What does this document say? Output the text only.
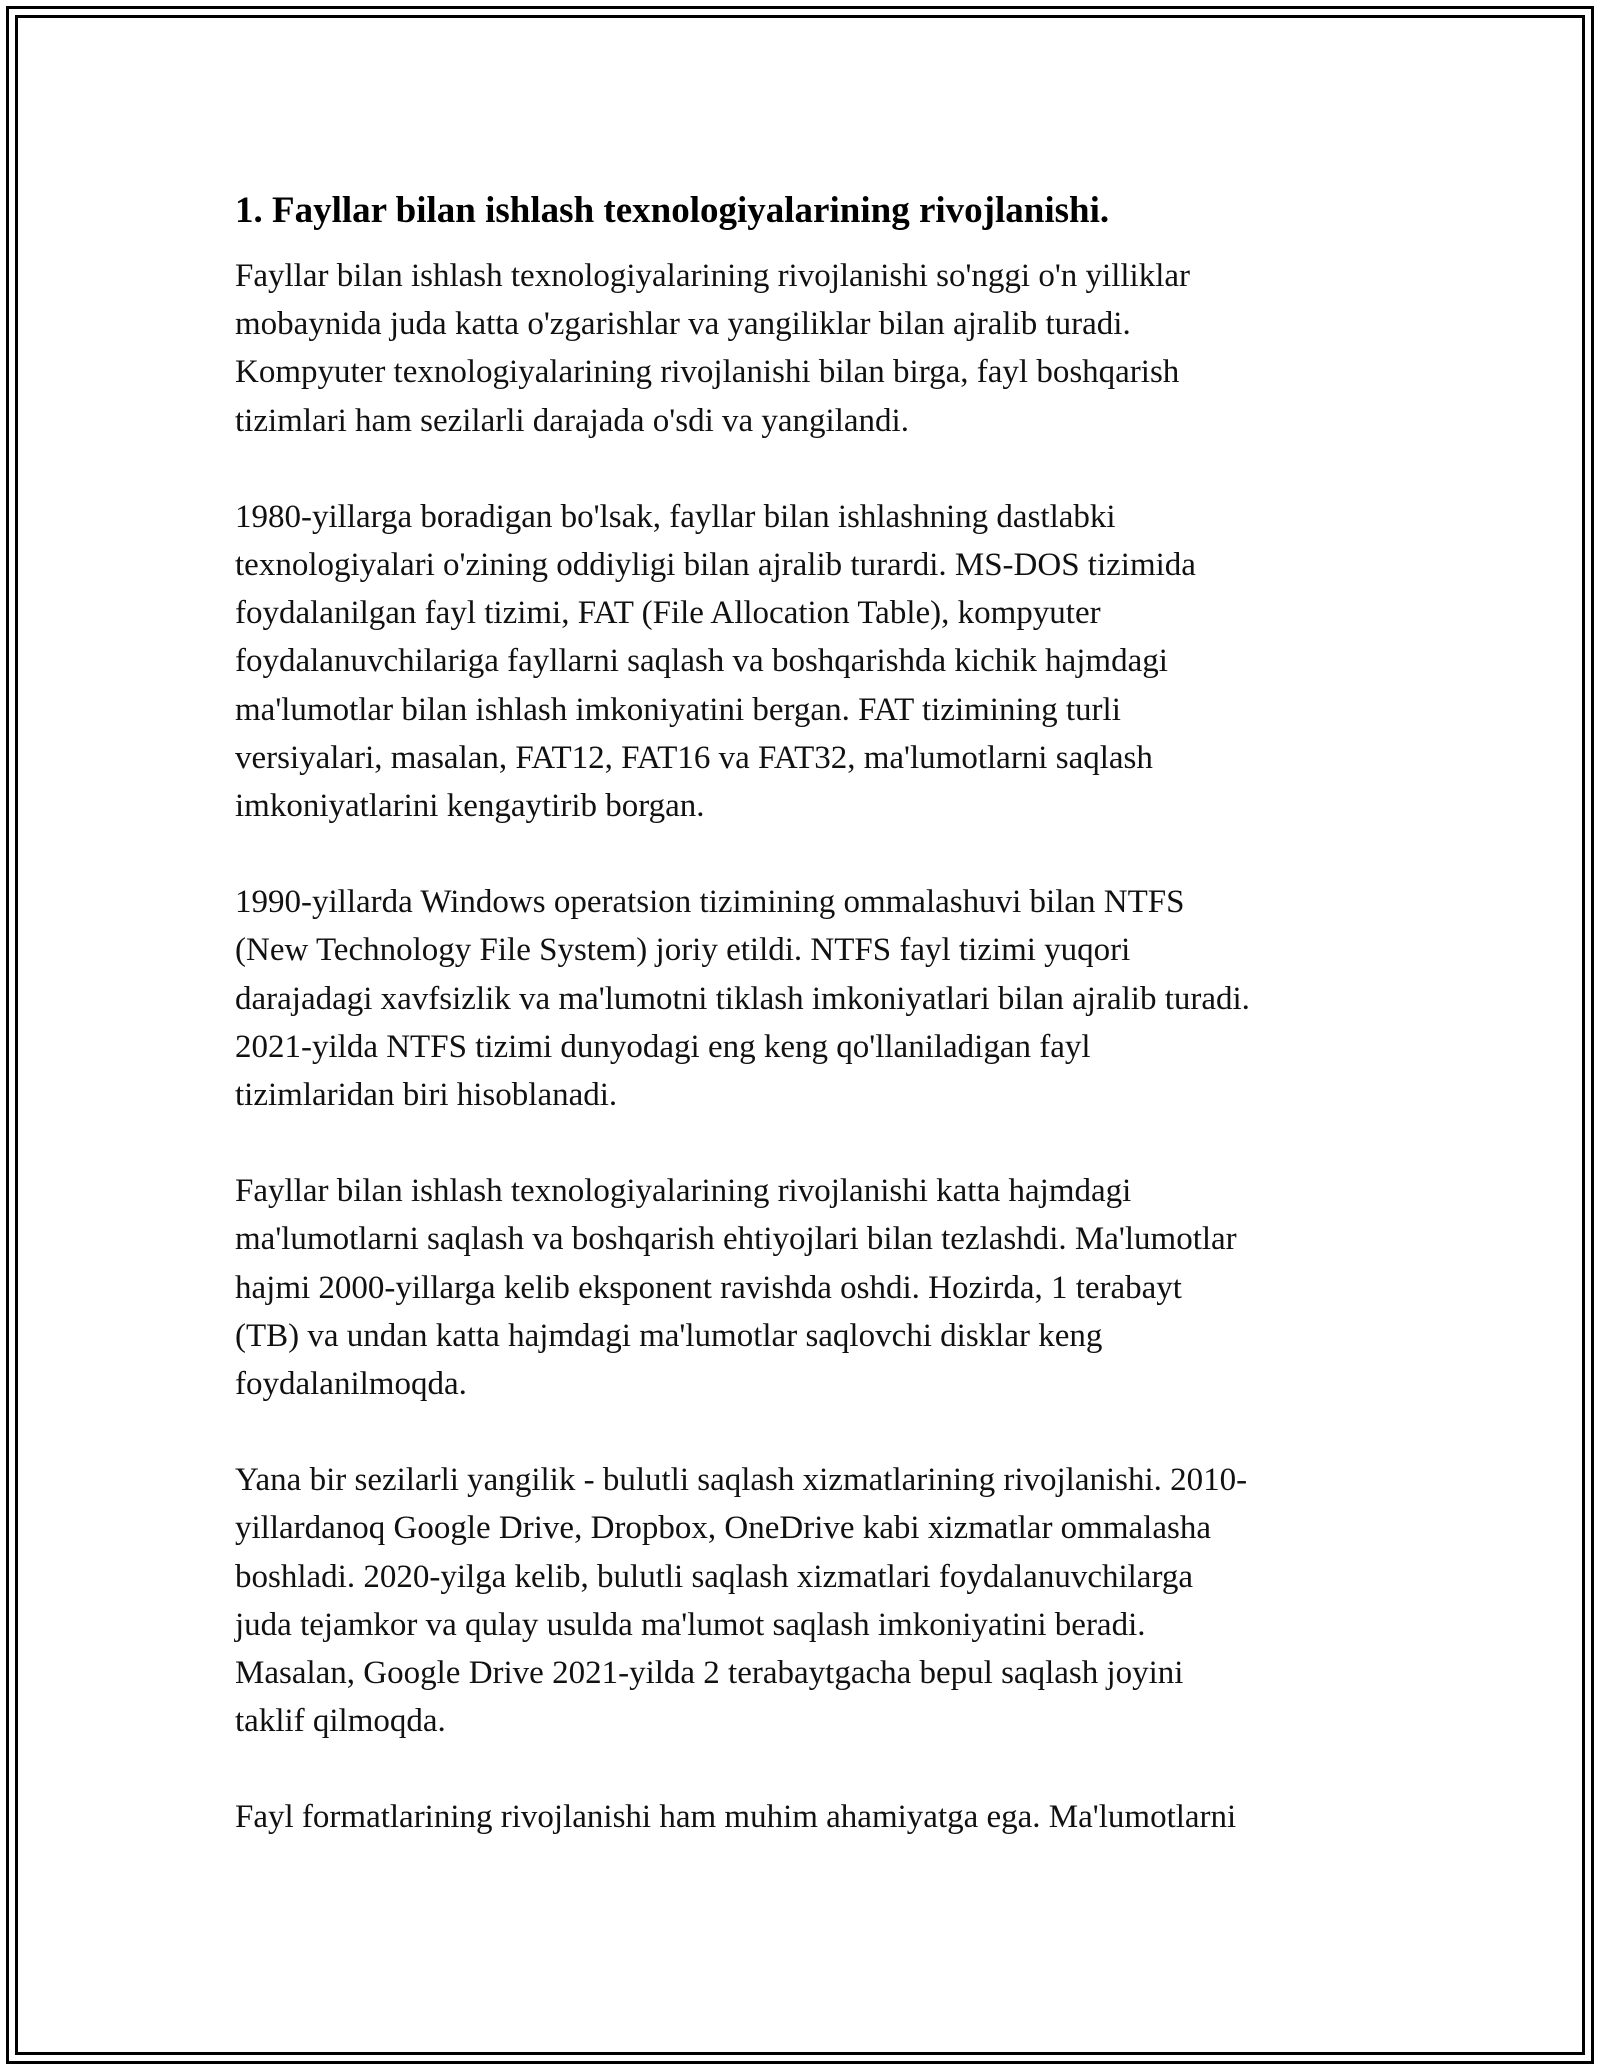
1. Fayllar bilan ishlash texnologiyalarining rivojlanishi.

Fayllar bilan ishlash texnologiyalarining rivojlanishi so'nggi o'n yilliklar
mobaynida juda katta o'zgarishlar va yangiliklar bilan ajralib turadi.
Kompyuter texnologiyalarining rivojlanishi bilan birga, fayl boshqarish
tizimlari ham sezilarli darajada o'sdi va yangilandi.

1980-yillarga boradigan bo'lsak, fayllar bilan ishlashning dastlabki
texnologiyalari o'zining oddiyligi bilan ajralib turardi. MS-DOS tizimida
foydalanilgan fayl tizimi, FAT (File Allocation Table), kompyuter
foydalanuvchilariga fayllarni saqlash va boshqarishda kichik hajmdagi
ma'lumotlar bilan ishlash imkoniyatini bergan. FAT tizimining turli
versiyalari, masalan, FAT12, FAT16 va FAT32, ma'lumotlarni saqlash
imkoniyatlarini kengaytirib borgan.

1990-yillarda Windows operatsion tizimining ommalashuvi bilan NTFS
(New Technology File System) joriy etildi. NTFS fayl tizimi yuqori
darajadagi xavfsizlik va ma'lumotni tiklash imkoniyatlari bilan ajralib turadi.
2021-yilda NTFS tizimi dunyodagi eng keng qo'llaniladigan fayl
tizimlaridan biri hisoblanadi.

Fayllar bilan ishlash texnologiyalarining rivojlanishi katta hajmdagi
ma'lumotlarni saqlash va boshqarish ehtiyojlari bilan tezlashdi. Ma'lumotlar
hajmi 2000-yillarga kelib eksponent ravishda oshdi. Hozirda, 1 terabayt
(TB) va undan katta hajmdagi ma'lumotlar saqlovchi disklar keng
foydalanilmoqda.

Yana bir sezilarli yangilik - bulutli saqlash xizmatlarining rivojlanishi. 2010-
yillardanoq Google Drive, Dropbox, OneDrive kabi xizmatlar ommalasha
boshladi. 2020-yilga kelib, bulutli saqlash xizmatlari foydalanuvchilarga
juda tejamkor va qulay usulda ma'lumot saqlash imkoniyatini beradi.
Masalan, Google Drive 2021-yilda 2 terabaytgacha bepul saqlash joyini
taklif qilmoqda.

Fayl formatlarining rivojlanishi ham muhim ahamiyatga ega. Ma'lumotlarni
